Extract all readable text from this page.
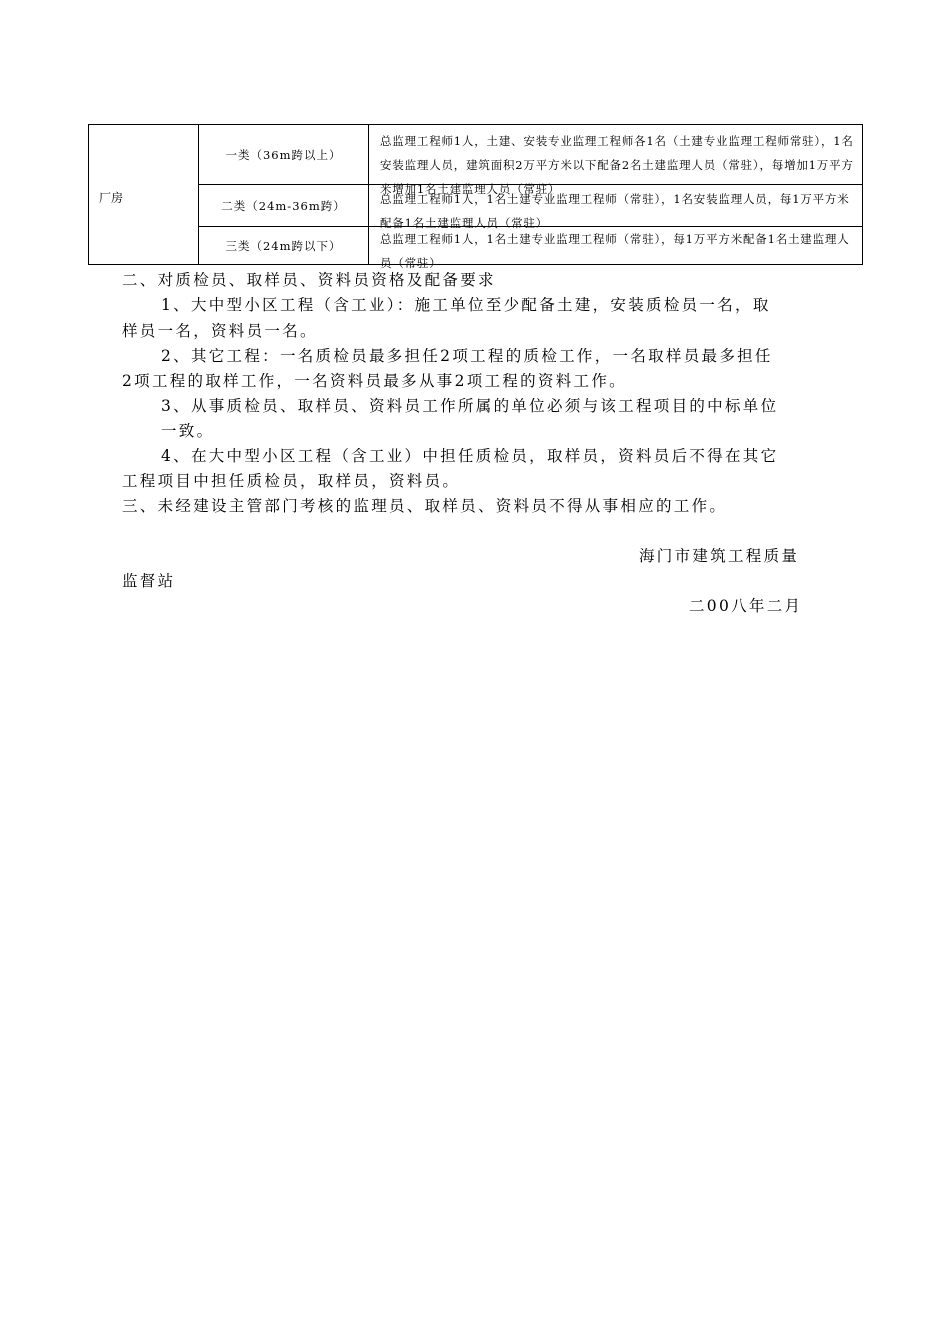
厂房
一类（36m跨以上）
总监理工程师1人，土建、安装专业监理工程师各1名（土建专业监理工程师常驻），1名安装监理人员，建筑面积2万平方米以下配备2名土建监理人员（常驻），每增加1万平方米增加1名土建监理人员（常驻）
二类（24m-36m跨）	总监理工程师1人，1名土建专业监理工程师（常驻），1名安装监理人员，每1万平方米配备1名土建监理人员（常驻）
三类（24m跨以下）	总监理工程师1人，1名土建专业监理工程师（常驻），每1万平方米配备1名土建监理人员（常驻）
二、对质检员、取样员、资料员资格及配备要求
1、大中型小区工程（含工业）：施工单位至少配备土建，安装质检员一名，取
样员一名，资料员一名。
2、其它工程：一名质检员最多担任2项工程的质检工作，一名取样员最多担任
2项工程的取样工作，一名资料员最多从事2项工程的资料工作。
3、从事质检员、取样员、资料员工作所属的单位必须与该工程项目的中标单位
一致。
4、在大中型小区工程（含工业）中担任质检员，取样员，资料员后不得在其它
工程项目中担任质检员，取样员，资料员。
三、未经建设主管部门考核的监理员、取样员、资料员不得从事相应的工作。
海门市建筑工程质量
监督站
二00八年二月
